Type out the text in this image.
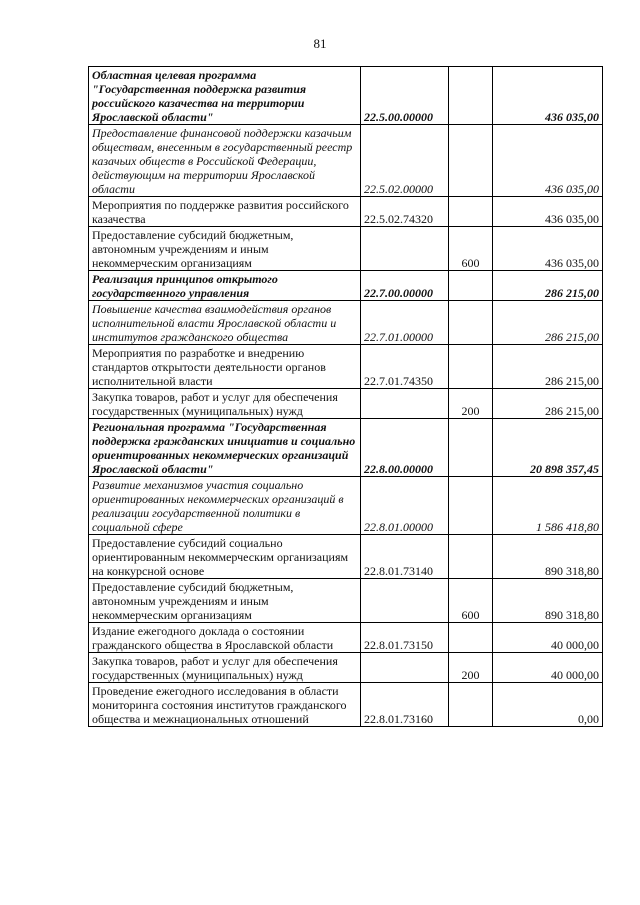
81
Областная целевая программа "Государственная поддержка развития российского казачества на территории Ярославской области"	22.5.00.00000		436 035,00
Предоставление финансовой поддержки казачьим обществам, внесенным в государственный реестр казачьих обществ в Российской Федерации, действующим на территории Ярославской области	22.5.02.00000		436 035,00
Мероприятия по поддержке развития российского казачества	22.5.02.74320		436 035,00
Предоставление субсидий бюджетным, автономным учреждениям и иным некоммерческим организациям		600	436 035,00
Реализация принципов открытого государственного управления	22.7.00.00000		286 215,00
Повышение качества взаимодействия органов исполнительной власти Ярославской области и институтов гражданского общества	22.7.01.00000		286 215,00
Мероприятия по разработке и внедрению стандартов открытости деятельности органов исполнительной власти	22.7.01.74350		286 215,00
Закупка товаров, работ и услуг для обеспечения государственных (муниципальных) нужд		200	286 215,00
Региональная программа "Государственная поддержка гражданских инициатив и социально ориентированных некоммерческих организаций Ярославской области"	22.8.00.00000		20 898 357,45
Развитие механизмов участия социально ориентированных некоммерческих организаций в реализации государственной политики в социальной сфере	22.8.01.00000		1 586 418,80
Предоставление субсидий социально ориентированным некоммерческим организациям на конкурсной основе	22.8.01.73140		890 318,80
Предоставление субсидий бюджетным, автономным учреждениям и иным некоммерческим организациям		600	890 318,80
Издание ежегодного доклада о состоянии гражданского общества в Ярославской области	22.8.01.73150		40 000,00
Закупка товаров, работ и услуг для обеспечения государственных (муниципальных) нужд		200	40 000,00
Проведение ежегодного исследования в области мониторинга состояния институтов гражданского общества и межнациональных отношений	22.8.01.73160		0,00
